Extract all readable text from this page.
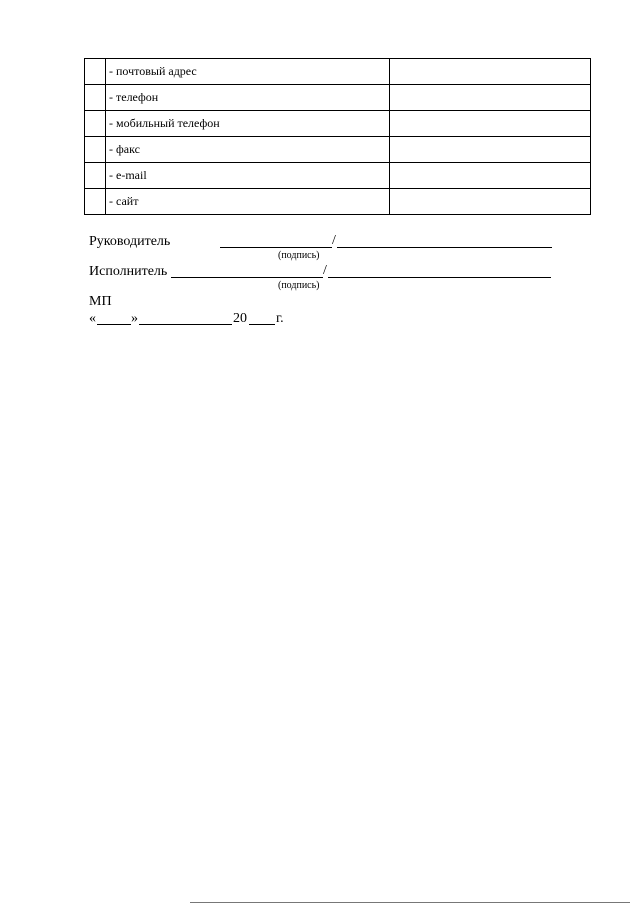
	- почтовый адрес	
	- телефон	
	- мобильный телефон	
	- факс	
	- e-mail	
	- сайт	
Руководитель	/
(подпись)
Исполнитель	/
(подпись)
МП
«	»	20 г.
